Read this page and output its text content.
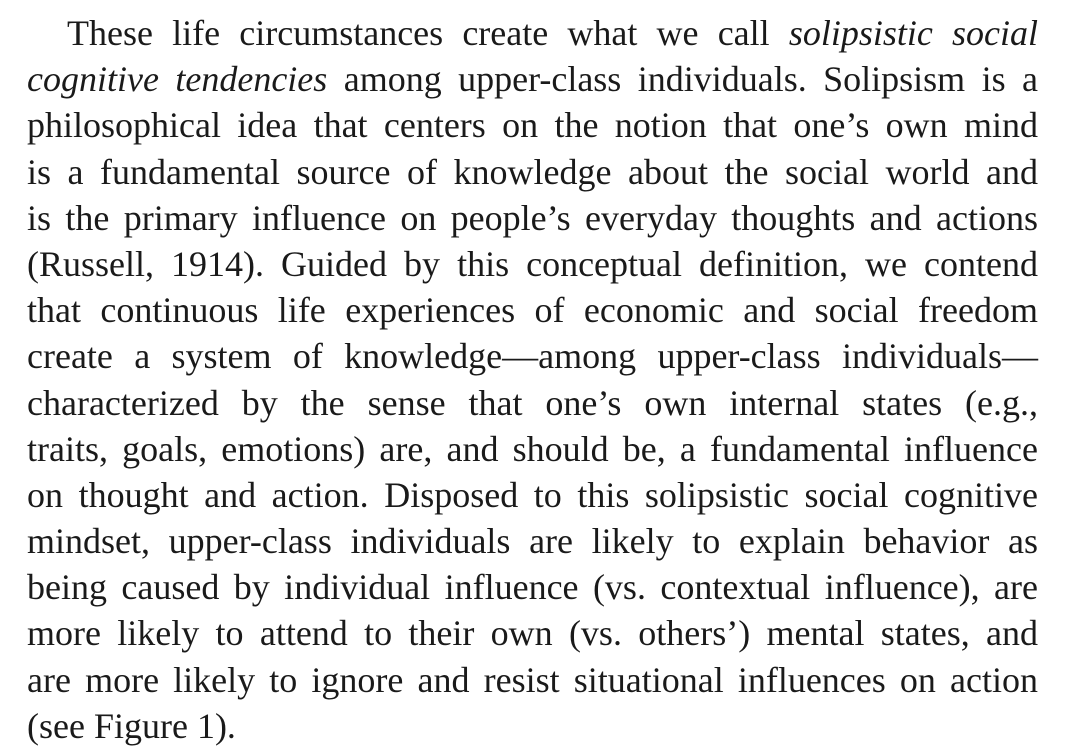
These life circumstances create what we call solipsistic social
cognitive tendencies among upper-class individuals. Solipsism is a
philosophical idea that centers on the notion that one’s own mind
is a fundamental source of knowledge about the social world and
is the primary influence on people’s everyday thoughts and actions
(Russell, 1914). Guided by this conceptual definition, we contend
that continuous life experiences of economic and social freedom
create a system of knowledge—among upper-class individuals—
characterized by the sense that one’s own internal states (e.g.,
traits, goals, emotions) are, and should be, a fundamental influence
on thought and action. Disposed to this solipsistic social cognitive
mindset, upper-class individuals are likely to explain behavior as
being caused by individual influence (vs. contextual influence), are
more likely to attend to their own (vs. others’) mental states, and
are more likely to ignore and resist situational influences on action
(see Figure 1).
